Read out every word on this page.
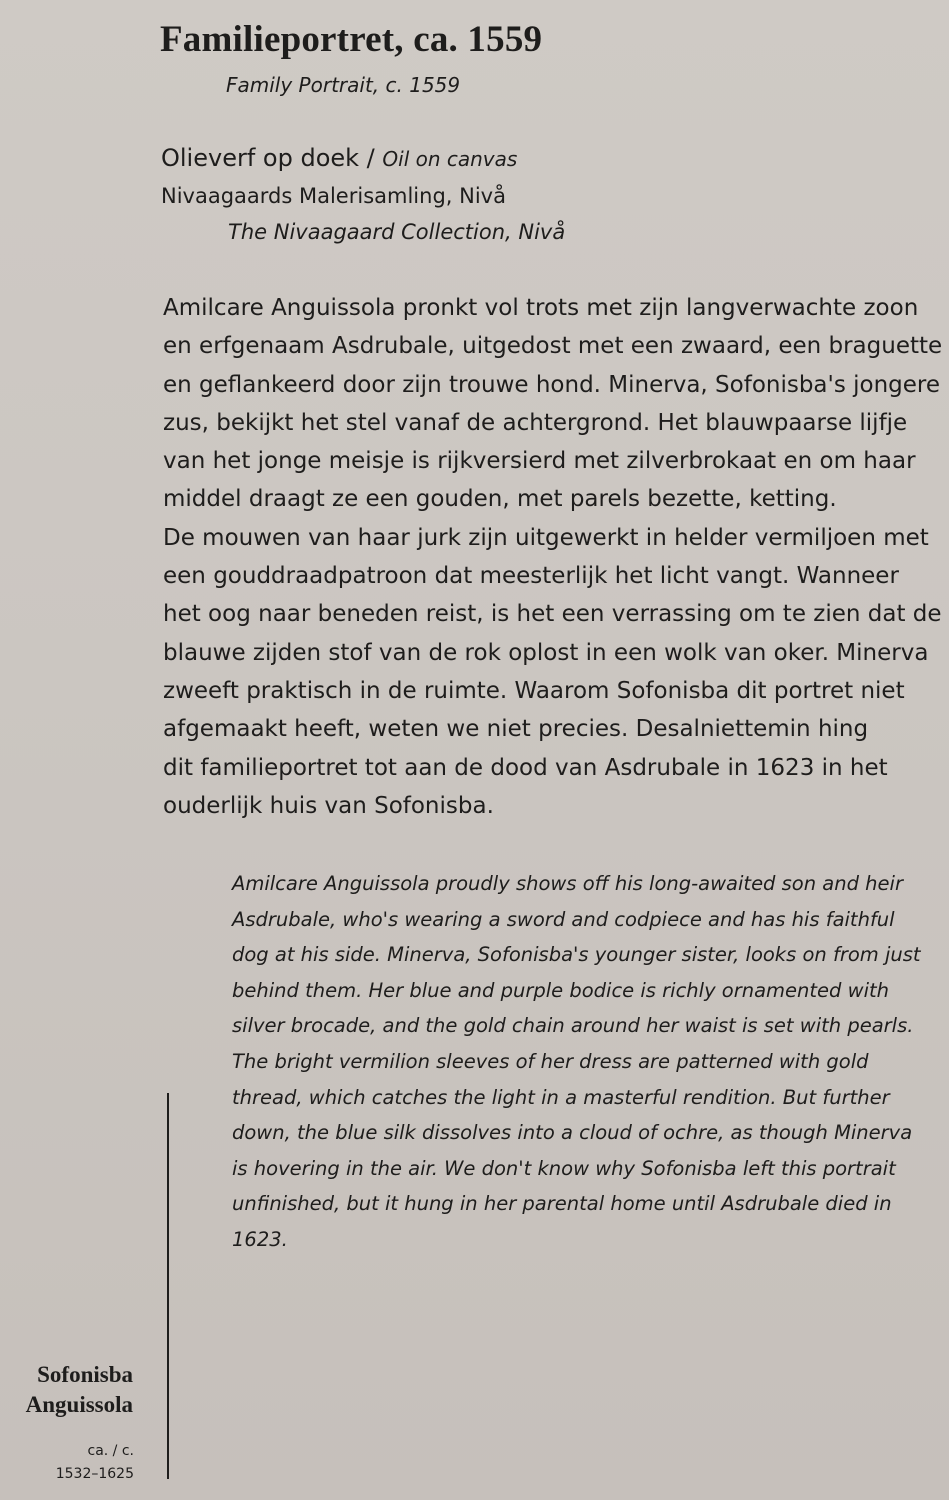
Familieportret, ca. 1559
Family Portrait, c. 1559
Olieverf op doek / Oil on canvas
Nivaagaards Malerisamling, Nivå
The Nivaagaard Collection, Nivå
Amilcare Anguissola pronkt vol trots met zijn langverwachte zoon
en erfgenaam Asdrubale, uitgedost met een zwaard, een braguette
en geflankeerd door zijn trouwe hond. Minerva, Sofonisba's jongere
zus, bekijkt het stel vanaf de achtergrond. Het blauwpaarse lijfje
van het jonge meisje is rijkversierd met zilverbrokaat en om haar
middel draagt ze een gouden, met parels bezette, ketting.
De mouwen van haar jurk zijn uitgewerkt in helder vermiljoen met
een gouddraadpatroon dat meesterlijk het licht vangt. Wanneer
het oog naar beneden reist, is het een verrassing om te zien dat de
blauwe zijden stof van de rok oplost in een wolk van oker. Minerva
zweeft praktisch in de ruimte. Waarom Sofonisba dit portret niet
afgemaakt heeft, weten we niet precies. Desalniettemin hing
dit familieportret tot aan de dood van Asdrubale in 1623 in het
ouderlijk huis van Sofonisba.
Amilcare Anguissola proudly shows off his long-awaited son and heir
Asdrubale, who's wearing a sword and codpiece and has his faithful
dog at his side. Minerva, Sofonisba's younger sister, looks on from just
behind them. Her blue and purple bodice is richly ornamented with
silver brocade, and the gold chain around her waist is set with pearls.
The bright vermilion sleeves of her dress are patterned with gold
thread, which catches the light in a masterful rendition. But further
down, the blue silk dissolves into a cloud of ochre, as though Minerva
is hovering in the air. We don't know why Sofonisba left this portrait
unfinished, but it hung in her parental home until Asdrubale died in
1623.
Sofonisba
Anguissola
ca. / c.
1532–1625
